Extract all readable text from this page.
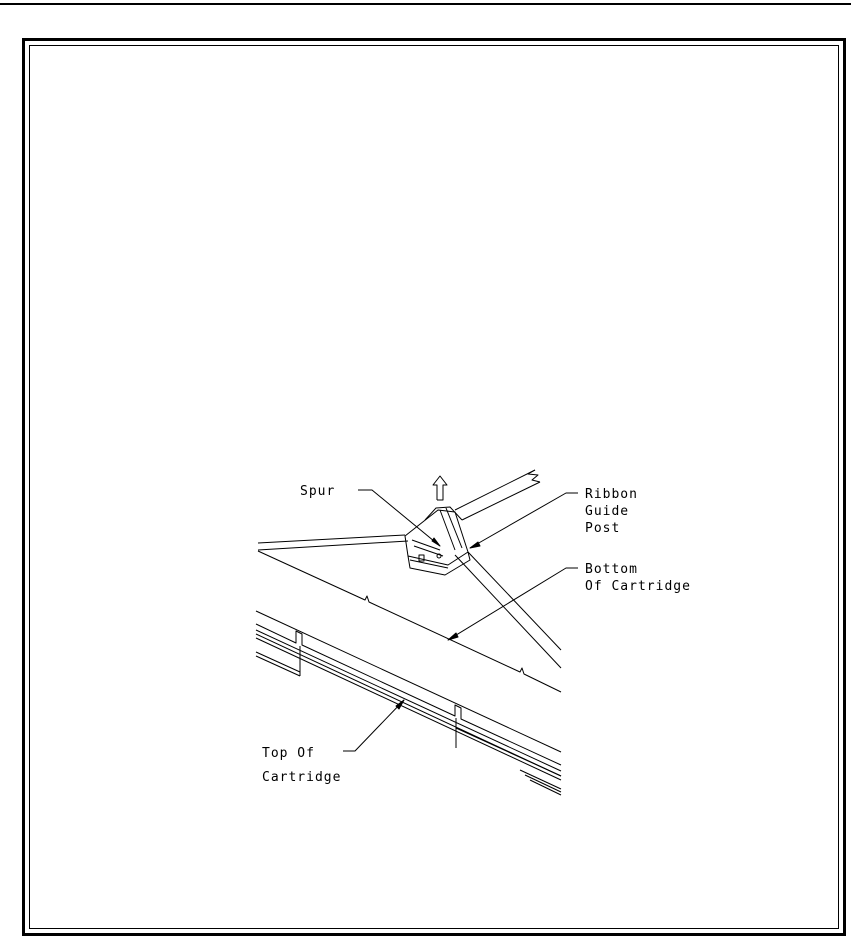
Spur	Ribbon
Guide
Post
Bottom
Of Cartridge
Top Of
Cartridge
